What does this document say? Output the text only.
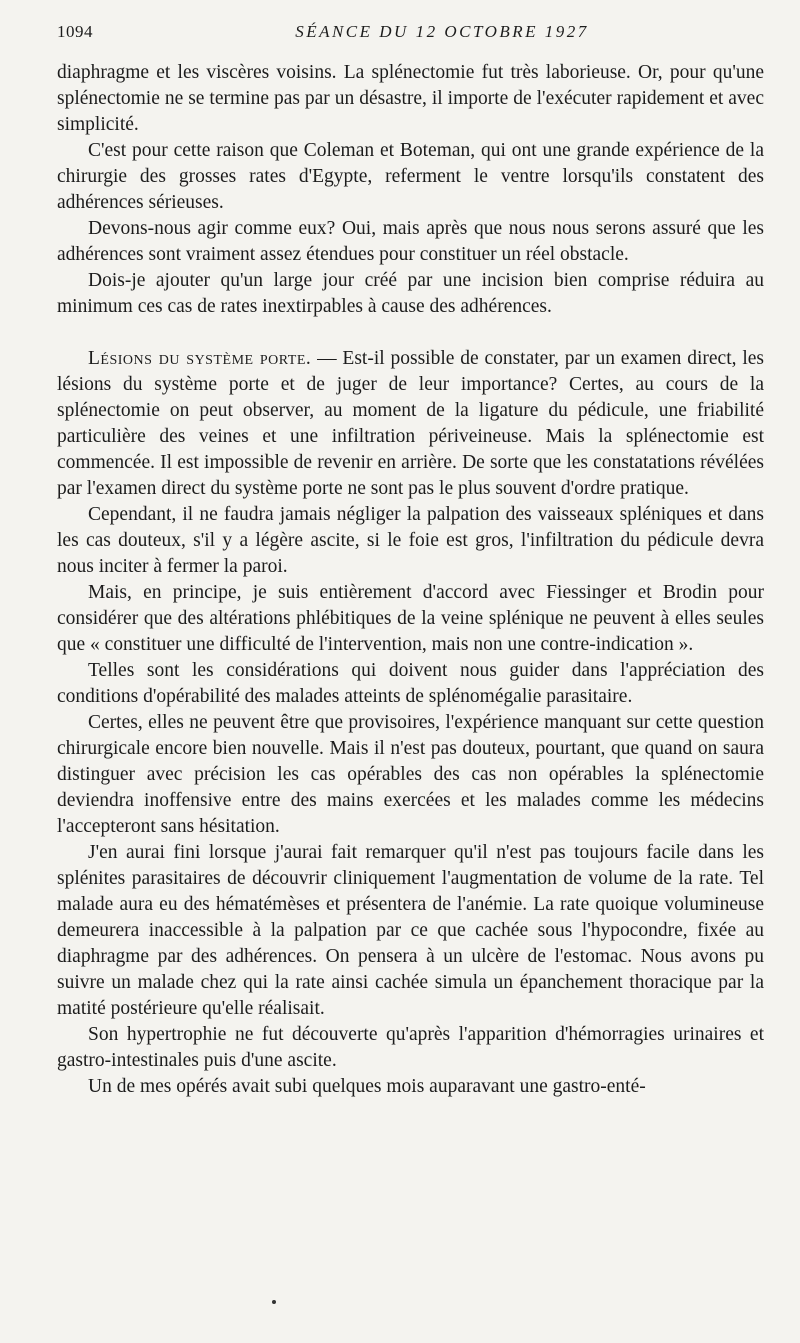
1094	SÉANCE DU 12 OCTOBRE 1927

diaphragme et les viscères voisins. La splénectomie fut très laborieuse. Or, pour qu'une splénectomie ne se termine pas par un désastre, il importe de l'exécuter rapidement et avec simplicité.

C'est pour cette raison que Coleman et Boteman, qui ont une grande expérience de la chirurgie des grosses rates d'Egypte, referment le ventre lorsqu'ils constatent des adhérences sérieuses.

Devons-nous agir comme eux? Oui, mais après que nous nous serons assuré que les adhérences sont vraiment assez étendues pour constituer un réel obstacle.

Dois-je ajouter qu'un large jour créé par une incision bien comprise réduira au minimum ces cas de rates inextirpables à cause des adhérences.

Lésions du système porte. — Est-il possible de constater, par un examen direct, les lésions du système porte et de juger de leur importance? Certes, au cours de la splénectomie on peut observer, au moment de la ligature du pédicule, une friabilité particulière des veines et une infiltration périveineuse. Mais la splénectomie est commencée. Il est impossible de revenir en arrière. De sorte que les constatations révélées par l'examen direct du système porte ne sont pas le plus souvent d'ordre pratique.

Cependant, il ne faudra jamais négliger la palpation des vaisseaux spléniques et dans les cas douteux, s'il y a légère ascite, si le foie est gros, l'infiltration du pédicule devra nous inciter à fermer la paroi.

Mais, en principe, je suis entièrement d'accord avec Fiessinger et Brodin pour considérer que des altérations phlébitiques de la veine splénique ne peuvent à elles seules que « constituer une difficulté de l'intervention, mais non une contre-indication ».

Telles sont les considérations qui doivent nous guider dans l'appréciation des conditions d'opérabilité des malades atteints de splénomégalie parasitaire.

Certes, elles ne peuvent être que provisoires, l'expérience manquant sur cette question chirurgicale encore bien nouvelle. Mais il n'est pas douteux, pourtant, que quand on saura distinguer avec précision les cas opérables des cas non opérables la splénectomie deviendra inoffensive entre des mains exercées et les malades comme les médecins l'accepteront sans hésitation.

J'en aurai fini lorsque j'aurai fait remarquer qu'il n'est pas toujours facile dans les splénites parasitaires de découvrir cliniquement l'augmentation de volume de la rate. Tel malade aura eu des hématémèses et présentera de l'anémie. La rate quoique volumineuse demeurera inaccessible à la palpation par ce que cachée sous l'hypocondre, fixée au diaphragme par des adhérences. On pensera à un ulcère de l'estomac. Nous avons pu suivre un malade chez qui la rate ainsi cachée simula un épanchement thoracique par la matité postérieure qu'elle réalisait.

Son hypertrophie ne fut découverte qu'après l'apparition d'hémorragies urinaires et gastro-intestinales puis d'une ascite.

Un de mes opérés avait subi quelques mois auparavant une gastro-enté-
